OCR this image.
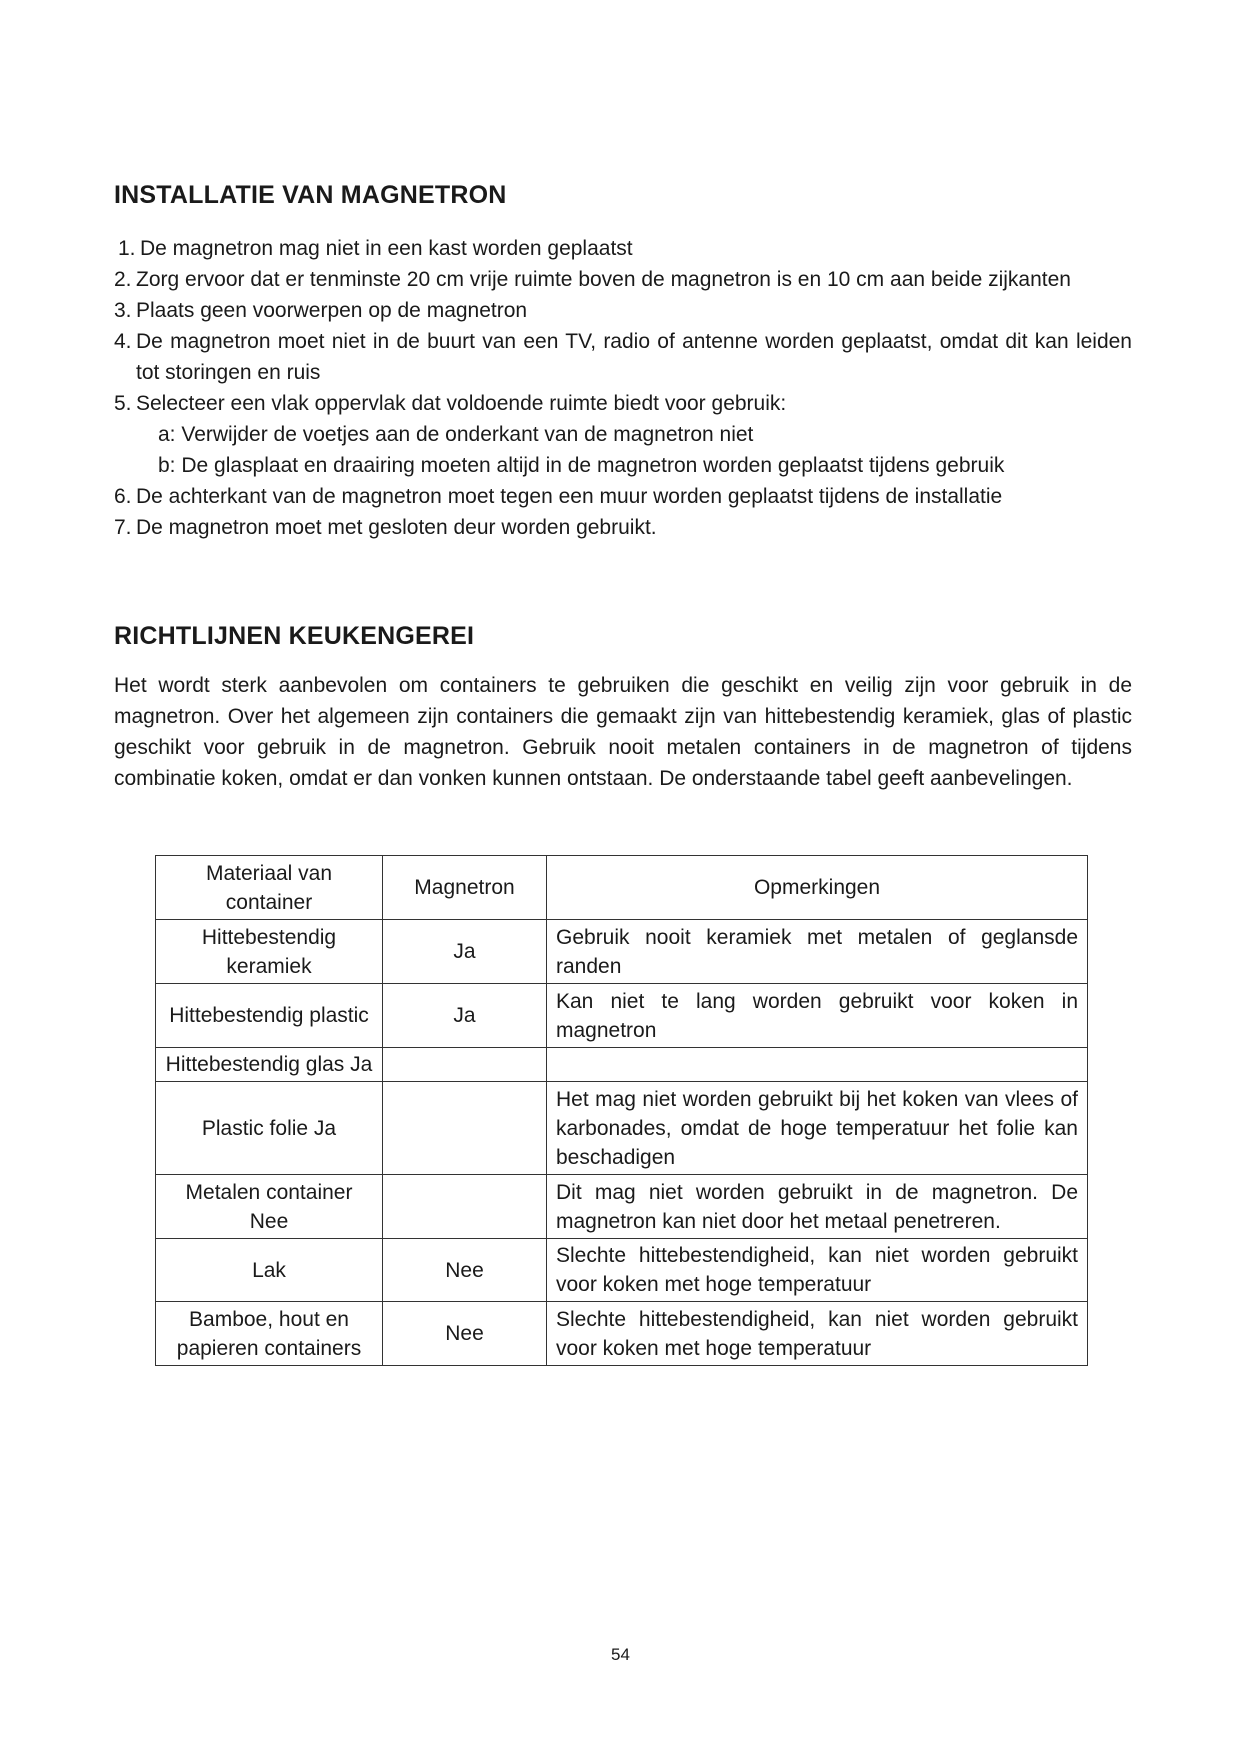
INSTALLATIE VAN MAGNETRON
1. De magnetron mag niet in een kast worden geplaatst
2. Zorg ervoor dat er tenminste 20 cm vrije ruimte boven de magnetron is en 10 cm aan beide zijkanten
3. Plaats geen voorwerpen op de magnetron
4. De magnetron moet niet in de buurt van een TV, radio of antenne worden geplaatst, omdat dit kan leiden tot storingen en ruis
5. Selecteer een vlak oppervlak dat voldoende ruimte biedt voor gebruik:
a: Verwijder de voetjes aan de onderkant van de magnetron niet
b: De glasplaat en draairing moeten altijd in de magnetron worden geplaatst tijdens gebruik
6. De achterkant van de magnetron moet tegen een muur worden geplaatst tijdens de installatie
7. De magnetron moet met gesloten deur worden gebruikt.
RICHTLIJNEN KEUKENGEREI

Het wordt sterk aanbevolen om containers te gebruiken die geschikt en veilig zijn voor gebruik in de magnetron. Over het algemeen zijn containers die gemaakt zijn van hittebestendig keramiek, glas of plastic geschikt voor gebruik in de magnetron. Gebruik nooit metalen containers in de magnetron of tijdens combinatie koken, omdat er dan vonken kunnen ontstaan. De onderstaande tabel geeft aanbevelingen.

Materiaal van container	Magnetron	Opmerkingen
Hittebestendig keramiek	Ja	Gebruik nooit keramiek met metalen of geglansde randen
Hittebestendig plastic	Ja	Kan niet te lang worden gebruikt voor koken in magnetron
Hittebestendig glas Ja		
Plastic folie Ja		Het mag niet worden gebruikt bij het koken van vlees of karbonades, omdat de hoge temperatuur het folie kan beschadigen
Metalen container Nee		Dit mag niet worden gebruikt in de magnetron. De magnetron kan niet door het metaal penetreren.
Lak	Nee	Slechte hittebestendigheid, kan niet worden gebruikt voor koken met hoge temperatuur
Bamboe, hout en papieren containers	Nee	Slechte hittebestendigheid, kan niet worden gebruikt voor koken met hoge temperatuur
54
